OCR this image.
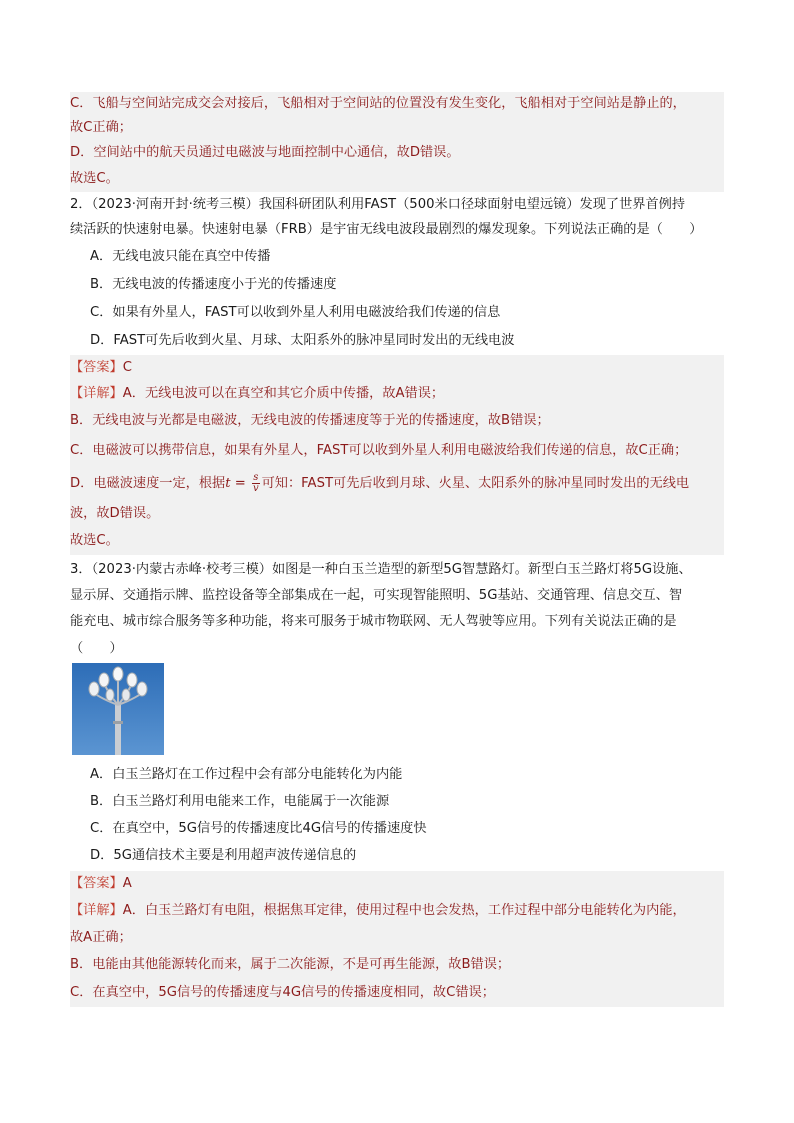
C．飞船与空间站完成交会对接后，飞船相对于空间站的位置没有发生变化，飞船相对于空间站是静止的，
故C正确；
D．空间站中的航天员通过电磁波与地面控制中心通信，故D错误。
故选C。
2．（2023·河南开封·统考三模）我国科研团队利用FAST（500米口径球面射电望远镜）发现了世界首例持
续活跃的快速射电暴。快速射电暴（FRB）是宇宙无线电波段最剧烈的爆发现象。下列说法正确的是（　　）
A．无线电波只能在真空中传播
B．无线电波的传播速度小于光的传播速度
C．如果有外星人，FAST可以收到外星人利用电磁波给我们传递的信息
D．FAST可先后收到火星、月球、太阳系外的脉冲星同时发出的无线电波
【答案】C
【详解】A．无线电波可以在真空和其它介质中传播，故A错误；
B．无线电波与光都是电磁波，无线电波的传播速度等于光的传播速度，故B错误；
C．电磁波可以携带信息，如果有外星人，FAST可以收到外星人利用电磁波给我们传递的信息，故C正确；
D．电磁波速度一定，根据$t = \frac{s}{v}$ 可知：FAST可先后收到月球、火星、太阳系外的脉冲星同时发出的无线电
波，故D错误。
故选C。
3．（2023·内蒙古赤峰·校考三模）如图是一种白玉兰造型的新型5G智慧路灯。新型白玉兰路灯将5G设施、
显示屏、交通指示牌、监控设备等全部集成在一起，可实现智能照明、5G基站、交通管理、信息交互、智
能充电、城市综合服务等多种功能，将来可服务于城市物联网、无人驾驶等应用。下列有关说法正确的是
（　　）
A．白玉兰路灯在工作过程中会有部分电能转化为内能
B．白玉兰路灯利用电能来工作，电能属于一次能源
C．在真空中，5G信号的传播速度比4G信号的传播速度快
D．5G通信技术主要是利用超声波传递信息的
【答案】A
【详解】A．白玉兰路灯有电阻，根据焦耳定律，使用过程中也会发热，工作过程中部分电能转化为内能，
故A正确；
B．电能由其他能源转化而来，属于二次能源，不是可再生能源，故B错误；
C．在真空中，5G信号的传播速度与4G信号的传播速度相同，故C错误；
